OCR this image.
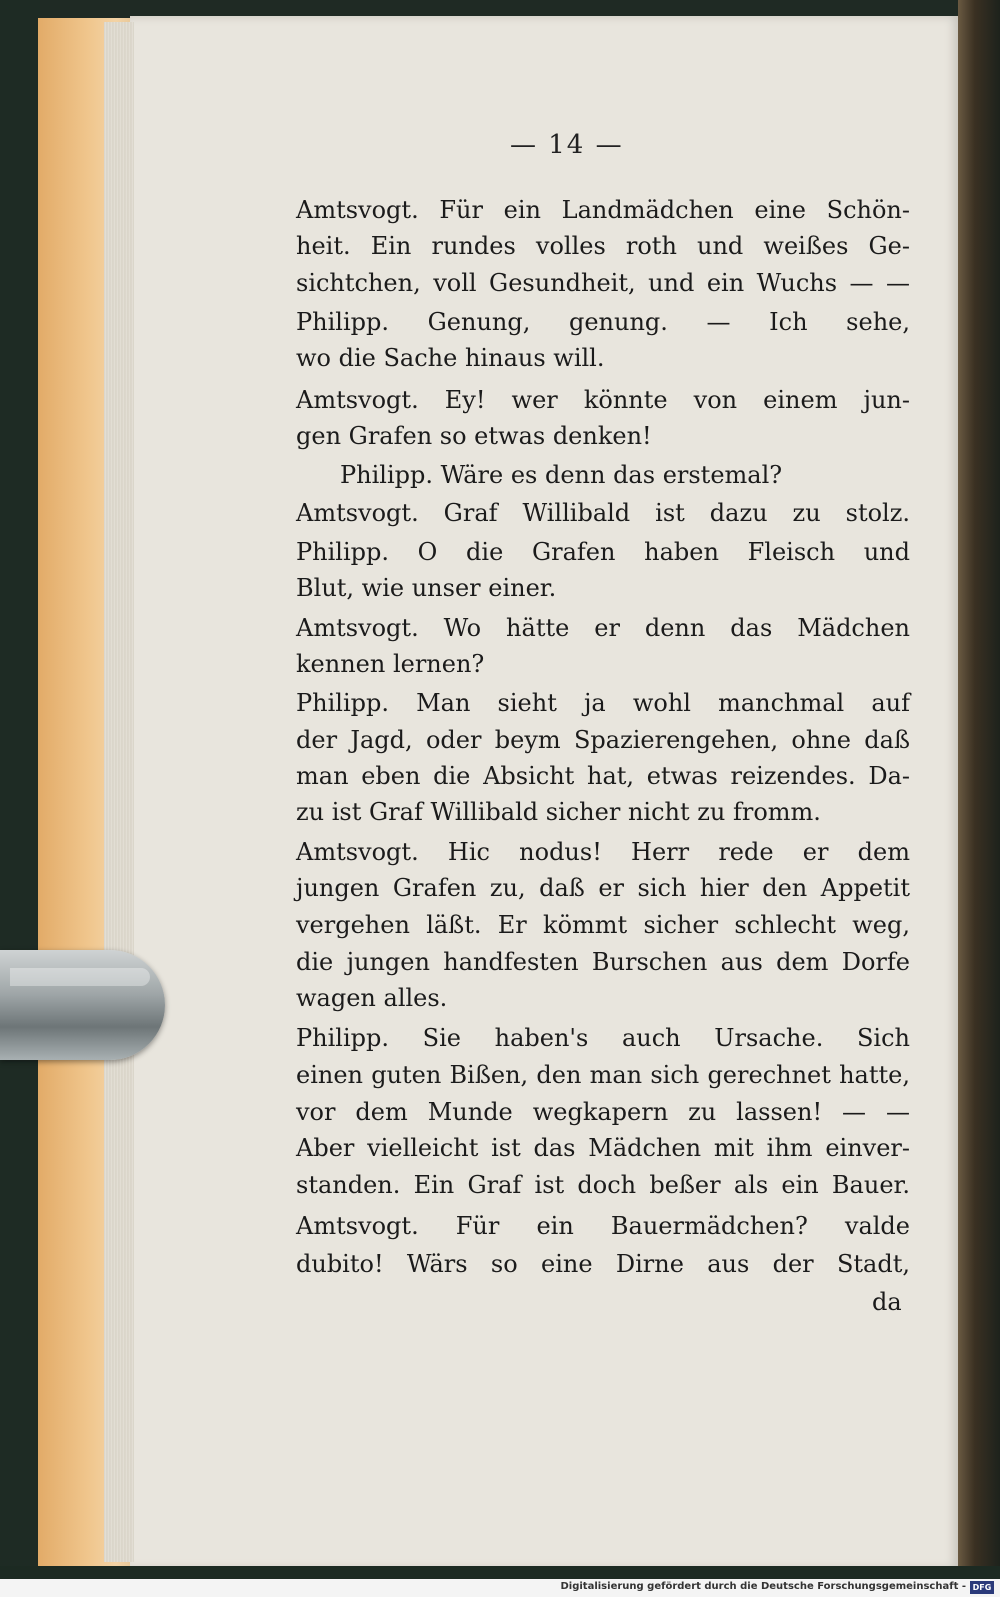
— 14 —
Amtsvogt. Für ein Landmädchen eine Schön-
heit. Ein rundes volles roth und weißes Ge-
sichtchen, voll Gesundheit, und ein Wuchs — —
Philipp. Genung, genung. — Ich sehe,
wo die Sache hinaus will.
Amtsvogt. Ey! wer könnte von einem jun-
gen Grafen so etwas denken!
Philipp. Wäre es denn das erstemal?
Amtsvogt. Graf Willibald ist dazu zu stolz.
Philipp. O die Grafen haben Fleisch und
Blut, wie unser einer.
Amtsvogt. Wo hätte er denn das Mädchen
kennen lernen?
Philipp. Man sieht ja wohl manchmal auf
der Jagd, oder beym Spazierengehen, ohne daß
man eben die Absicht hat, etwas reizendes. Da-
zu ist Graf Willibald sicher nicht zu fromm.
Amtsvogt. Hic nodus! Herr rede er dem
jungen Grafen zu, daß er sich hier den Appetit
vergehen läßt. Er kömmt sicher schlecht weg,
die jungen handfesten Burschen aus dem Dorfe
wagen alles.
Philipp. Sie haben's auch Ursache. Sich
einen guten Bißen, den man sich gerechnet hatte,
vor dem Munde wegkapern zu lassen! — —
Aber vielleicht ist das Mädchen mit ihm einver-
standen. Ein Graf ist doch beßer als ein Bauer.
Amtsvogt. Für ein Bauermädchen? valde
dubito! Wärs so eine Dirne aus der Stadt,
da
Digitalisierung gefördert durch die Deutsche Forschungsgemeinschaft - DFG
